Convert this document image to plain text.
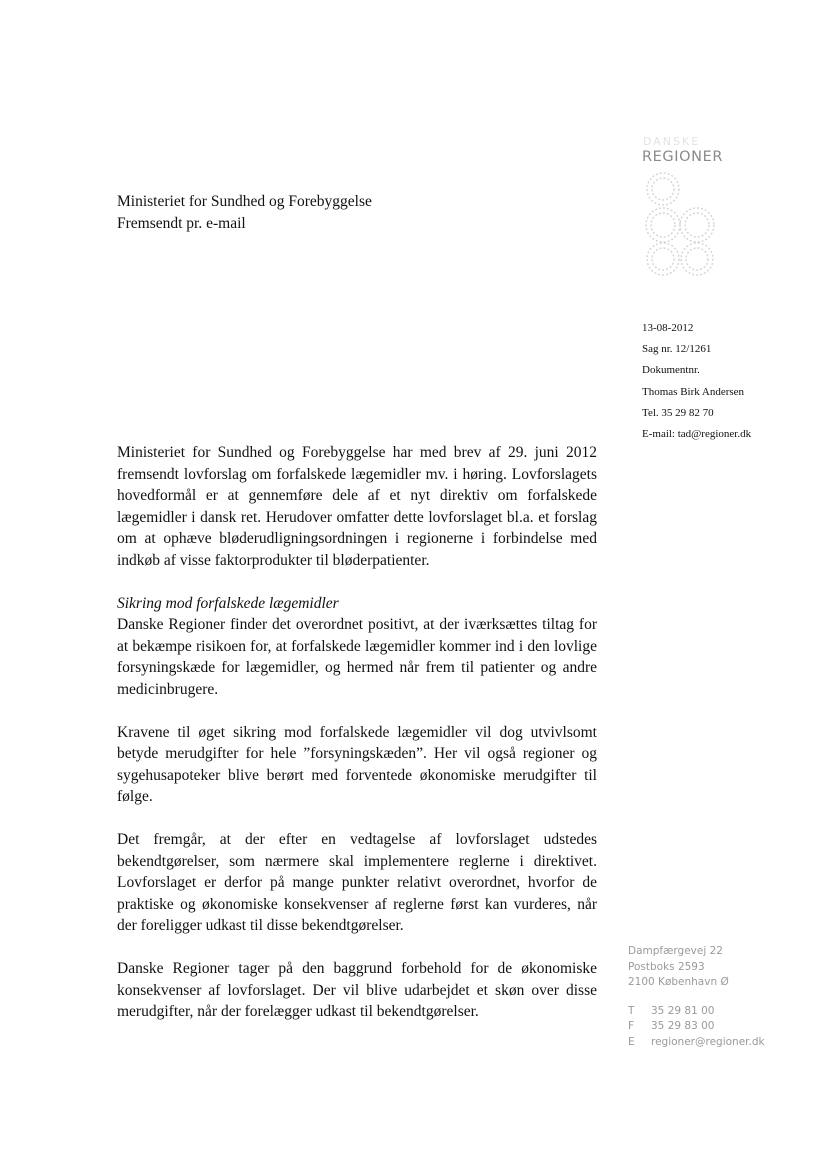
DANSKE
REGIONER
Ministeriet for Sundhed og Forebyggelse
Fremsendt pr. e-mail
13-08-2012
Sag nr. 12/1261
Dokumentnr.
Thomas Birk Andersen
Tel. 35 29 82 70
E-mail: tad@regioner.dk

Ministeriet for Sundhed og Forebyggelse har med brev af 29. juni 2012 fremsendt lovforslag om forfalskede lægemidler mv. i høring. Lovforslagets hovedformål er at gennemføre dele af et nyt direktiv om forfalskede lægemidler i dansk ret. Herudover omfatter dette lovforslaget bl.a. et forslag om at ophæve bløderudligningsordningen i regionerne i forbindelse med indkøb af visse faktorprodukter til bløderpatienter.

Sikring mod forfalskede lægemidler

Danske Regioner finder det overordnet positivt, at der iværksættes tiltag for at bekæmpe risikoen for, at forfalskede lægemidler kommer ind i den lovlige forsyningskæde for lægemidler, og hermed når frem til patienter og andre medicinbrugere.

Kravene til øget sikring mod forfalskede lægemidler vil dog utvivlsomt betyde merudgifter for hele ”forsyningskæden”. Her vil også regioner og sygehusapoteker blive berørt med forventede økonomiske merudgifter til følge.

Det fremgår, at der efter en vedtagelse af lovforslaget udstedes bekendtgørelser, som nærmere skal implementere reglerne i direktivet. Lovforslaget er derfor på mange punkter relativt overordnet, hvorfor de praktiske og økonomiske konsekvenser af reglerne først kan vurderes, når der foreligger udkast til disse bekendtgørelser.

Danske Regioner tager på den baggrund forbehold for de økonomiske konsekvenser af lovforslaget. Der vil blive udarbejdet et skøn over disse merudgifter, når der forelægger udkast til bekendtgørelser.

Dampfærgevej 22
Postboks 2593
2100 København Ø
T 35 29 81 00
F 35 29 83 00
E regioner@regioner.dk
